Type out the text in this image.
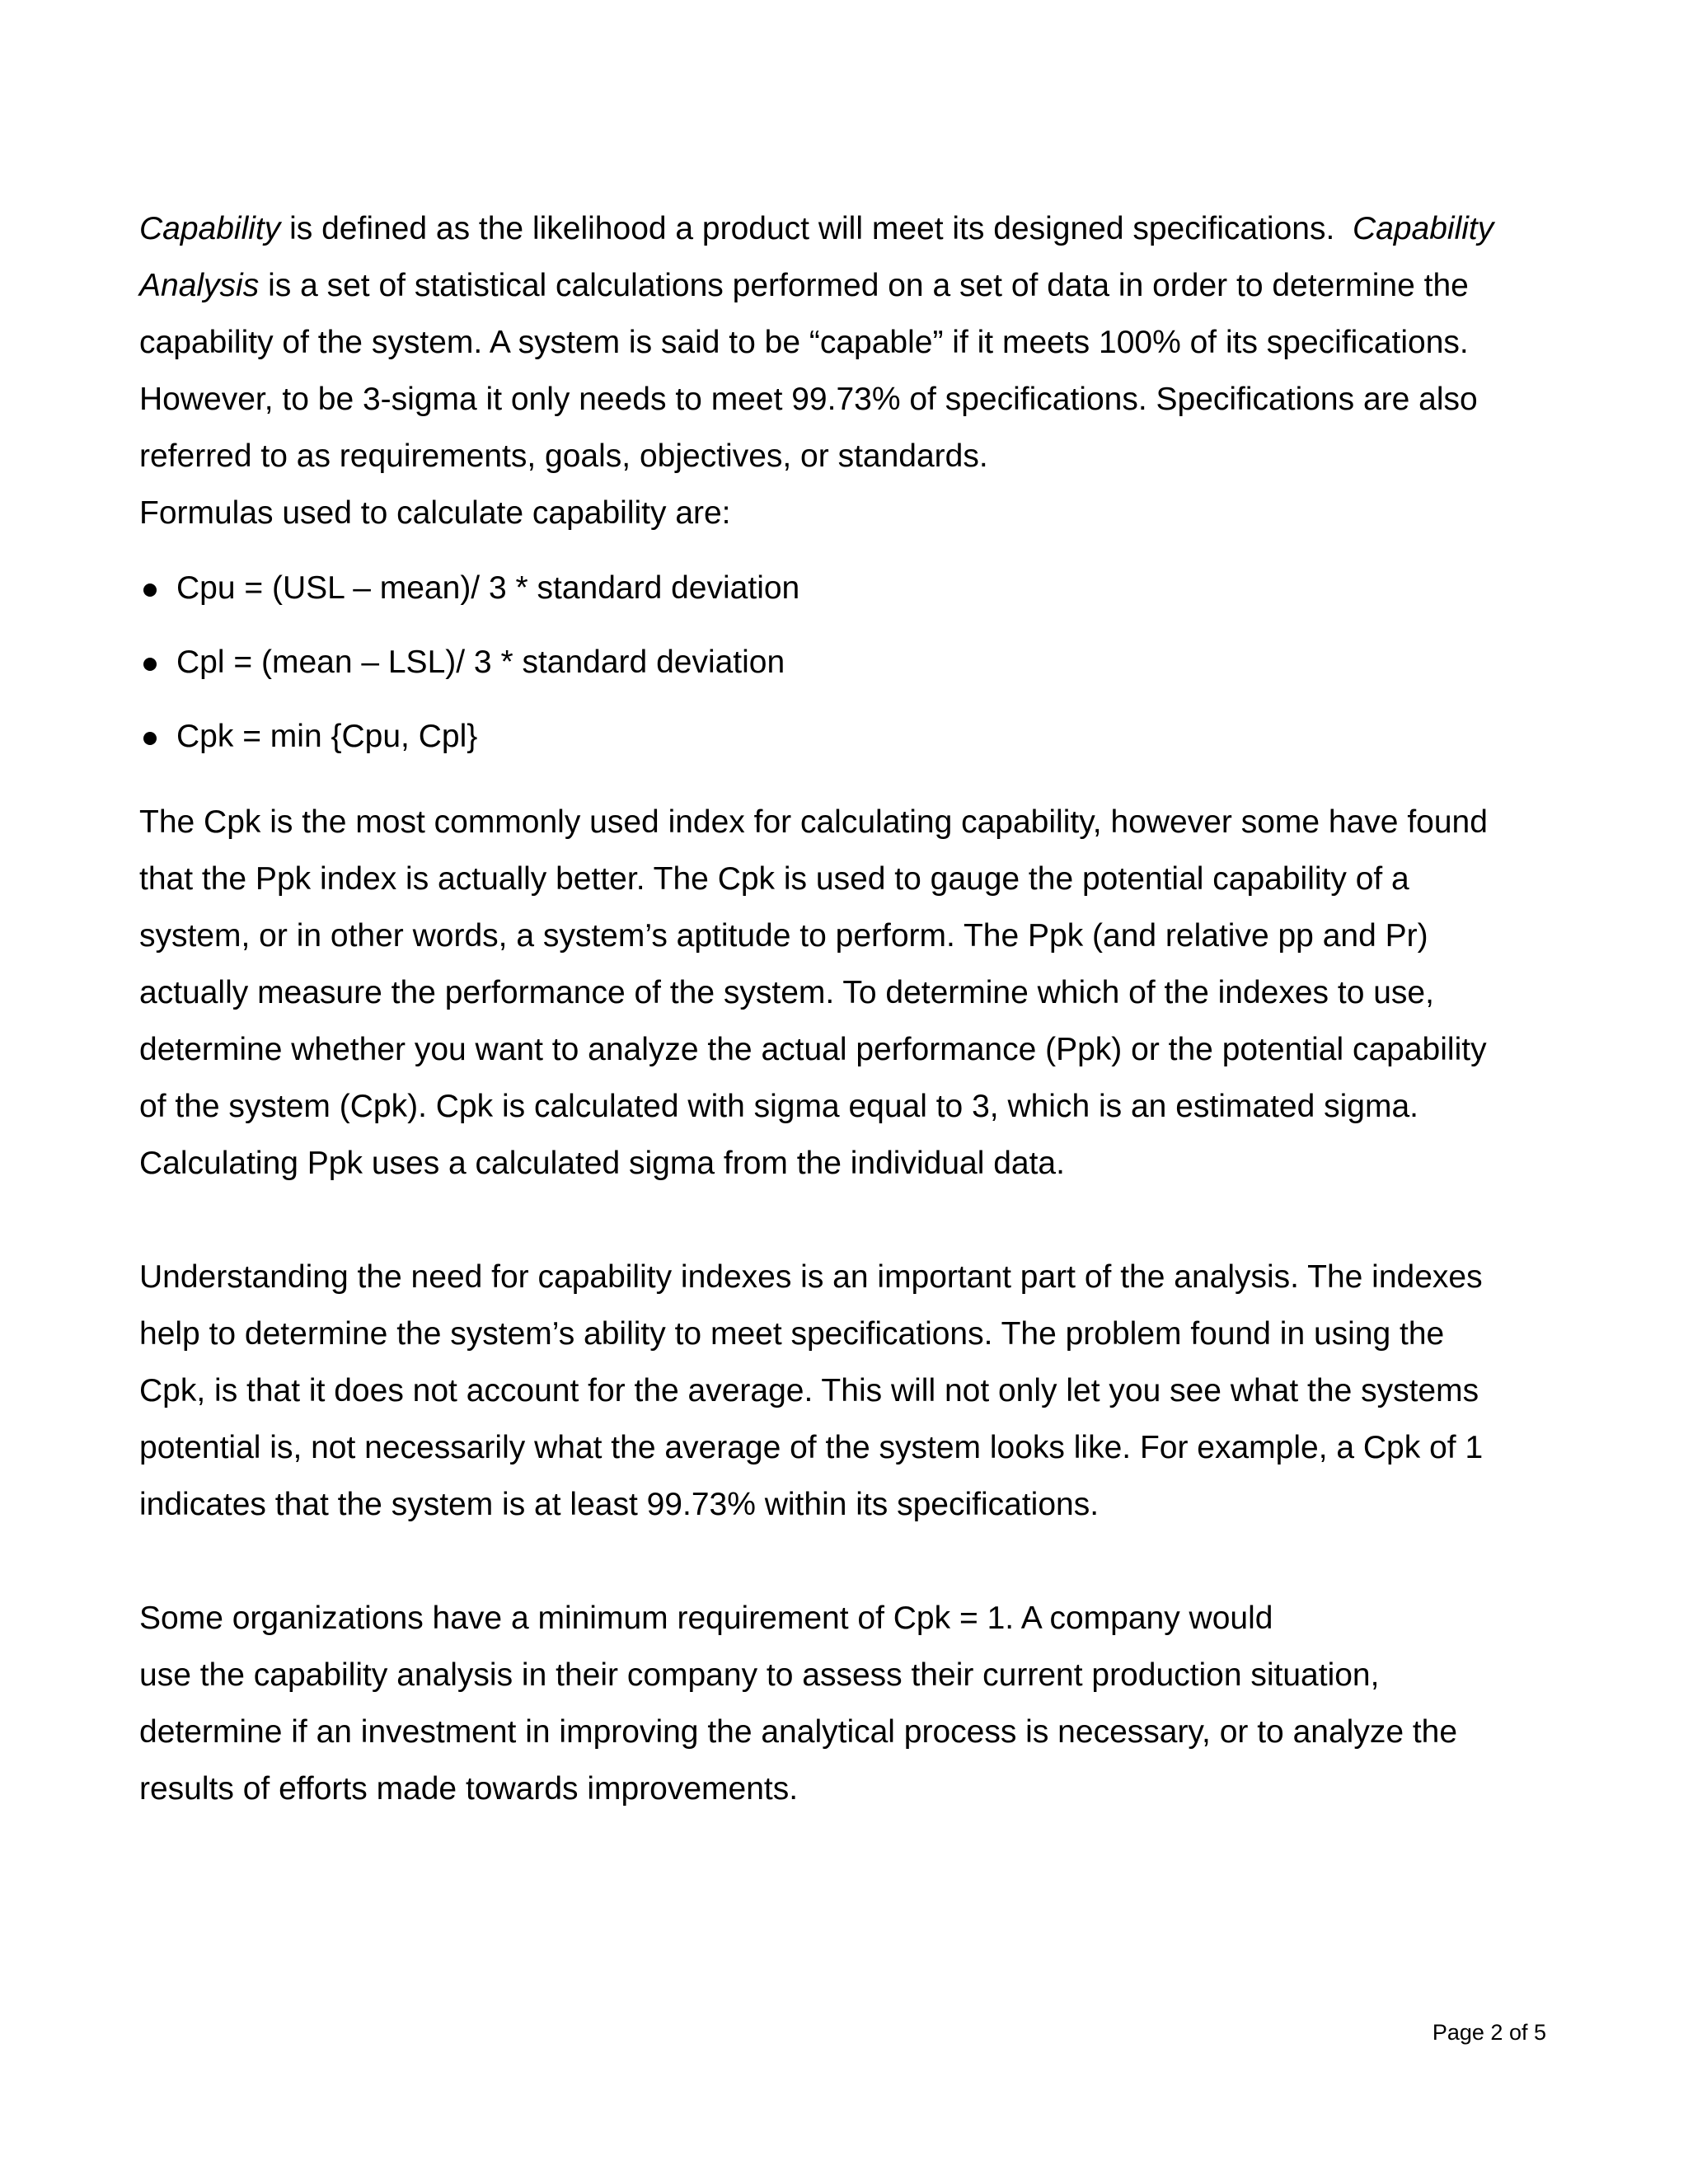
Capability is defined as the likelihood a product will meet its designed specifications.  Capability
Analysis is a set of statistical calculations performed on a set of data in order to determine the
capability of the system. A system is said to be “capable” if it meets 100% of its specifications.
However, to be 3-sigma it only needs to meet 99.73% of specifications. Specifications are also
referred to as requirements, goals, objectives, or standards.
Formulas used to calculate capability are:
Cpu = (USL – mean)/ 3 * standard deviation
Cpl = (mean – LSL)/ 3 * standard deviation
Cpk = min {Cpu, Cpl}
The Cpk is the most commonly used index for calculating capability, however some have found
that the Ppk index is actually better. The Cpk is used to gauge the potential capability of a
system, or in other words, a system’s aptitude to perform. The Ppk (and relative pp and Pr)
actually measure the performance of the system. To determine which of the indexes to use,
determine whether you want to analyze the actual performance (Ppk) or the potential capability
of the system (Cpk). Cpk is calculated with sigma equal to 3, which is an estimated sigma.
Calculating Ppk uses a calculated sigma from the individual data.
Understanding the need for capability indexes is an important part of the analysis. The indexes
help to determine the system’s ability to meet specifications. The problem found in using the
Cpk, is that it does not account for the average. This will not only let you see what the systems
potential is, not necessarily what the average of the system looks like. For example, a Cpk of 1
indicates that the system is at least 99.73% within its specifications.
Some organizations have a minimum requirement of Cpk = 1. A company would
use the capability analysis in their company to assess their current production situation,
determine if an investment in improving the analytical process is necessary, or to analyze the
results of efforts made towards improvements.
Page 2 of 5
